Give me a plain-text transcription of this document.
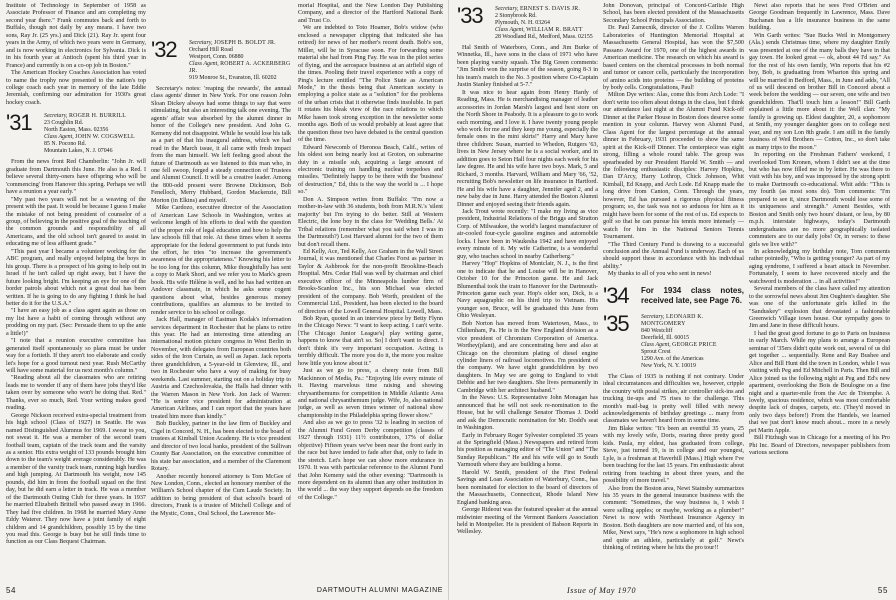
Institute of Technology in September of 1958 as Associate Professor of Finance and am completing my second year there." Frank commutes back and forth to Buffalo, though not daily by any means. I have two sons, Ray Jr. (25 yrs.) and Dick (21). Ray Jr. spent four years in the Army, of which two years were in Germany, and is now working in electronics for Sylvania. Dick is in his fourth year at Antioch (spent his third year in France) and currently is on a co-op job in Boston."

The American Hockey Coaches Association has voted to name the trophy now presented to the nation's top college coach each year in memory of the late Eddie Jeremiah, confirming our admiration for 1930's great hockey coach.

'31	Secretary, ROGER H. BURRILL
23 Coughlin Rd.
North Easton, Mass. 02356
Class Agent, JOHN W. COGSWELL
85 N. Pocono Rd.
Mountain Lakes, N. J. 07046

From the news front Red Chamberlin: "John Jr. will graduate from Dartmouth this June. He also is a Red. I believe several thirty-oners have offspring who will be 'commencing' from Hanover this spring. Perhaps we will have a reunion a year early."

"My past two years will not be a weaving of the present with the past. It would be because I guess I make the mistake of not being president of counselor of a group, of believing in the positive goal of the teaching of the common grounds and responsibility of all Americans, and the old school isn't geared to assist in educating me of less affluent grade."

"This past year I became a volunteer working for the ABC program, and really enjoyed helping the boys in his group. There is a prospect of his going to help out in Israel if he isn't called up right away, but I have the future looking bright. I'm keeping an eye for one of the border patrols about which not a great deal has been written. If he is going to do any fighting I think he had better do it for the U.S.A."

"I have an easy job as a class agent again as those on my list have a habit of coming through without any prodding on my part. (Sec: Persuade them to up the ante a little!)"

"I note that a reunion executive committee has generated itself spontaneously so plans must be under way for a fortieth. If they aren't too elaborate and costly let's hope for a good turnout next year. Rush McCarthy will have some material for us next month's column."

"Reading about all the classmates who are retiring leads me to wonder if any of them have jobs they'd like taken over by someone who won't be doing that. Red." Thanks, ever so much, Red. Your writing makes good reading.

George Nickson received extra-special treatment from his high school (Class of 1927) in Seattle. He was named Distinguished Alumnus for 1969. I swear to you, not sweat it. He was a member of the second team football team, captain of the track team and the varsity as a senior. His extra weight of 133 pounds brought him down to the team's weight average considerably. He was a member of the varsity track team, running high hurdles and high jumping. At Dartmouth his weight, now 145 pounds, did him in from the football squad on the first day, but he did earn a letter in track. He was a member of the Dartmouth Outing Club for three years. In 1937 he married Elizabeth Brittell who passed away in 1966. They had five children. In 1968 he married Mary Anne Eddy Waterer. They now have a joint family of eight children and 14 grandchildren, possibly 15 by the time you read this. George is busy but he still finds time to function as our Class Bequest Chairman.

'32	Secretary, JOSEPH B. BOLDT JR.
Orchard Hill Road
Westport, Conn. 06880
Class Agent, ROBERT A. ACKERBERG JR.
919 Monroe St., Evanston, Ill. 60202

Secretary's notes: 'reaping the rewards', the annual class agents' dinner in New York. For one reason John Sloan Dickey always had some things to say that were stimulating, but also an interesting talk one evening. The agents' affair was absorbed by the alumni dinner in honor of the College's new president. And John G. Kemeny did not disappoint. While he would lose his talk as a part of that his inaugural address, which we had read in the March issue, it all came with fresh impact from the man himself. We left feeling good about the future of Dartmouth as we listened to this man who, in one fell swoop, forged a steady connection of Trustees and Alumni Council. It will be a creative leader. Among the 800-odd present were Browne Dickinson, Bob Fenelloch, Merry Hubbard, Gordon Mackenzie, Bill Morton (in Elkins) and myself.

Mike Cardozo, executive director of the Association of American Law Schools in Washington, writes at welcome length of his efforts to deal with the question of the proper role of legal education and how to help the law schools fill that role. At these times when it seems appropriate for the federal government to put funds into the effort, he tries "to increase the government's awareness of the appropriateness." Knowing his letter to be too long for this column, Mike thoughtfully has sent a copy to Mark Short, and we refer you to Mark's green book. His wife Hélène is well, and he has had written an Andover classmate, in which he asks some cogent questions about what, besides generous money contributions, qualifies an alumnus to be invited to render service to his school or college.

Jack Hall, manager of Eastman Kodak's information services department in Rochester that he plans to retire this year. He had an interesting time attending an international motion picture congress in West Berlin in November, with delegates from European countries both sides of the Iron Curtain, as well as Japan. Jack reports three grandchildren, a 5-year-old in Glenview, Ill., and two in Rochester who have a way of making for busy weekends. Last summer, starting out on a holiday trip to Austria and Czechoslovakia, the Halls had dinner with the Warren Mason in New York. Jon Jack of Warren: "He is senior vice president for administration at American Airlines, and I can report that the years have treated him more than kindly."

Bob Buckley, partner in the law firm of Buckley and Cigel in Concord, N. H., has been elected to the board of trustees at Kimball Union Academy. He is vice president and director of two local banks, president of the Sullivan County Bar Association, on the executive committee of his state bar association, and a member of the Claremont Rotary.

Another recently honored attorney is Tom McGee of New London, Conn., elected an honorary member of the William's School chapter of the Cum Laude Society. In addition to being president of that school's board of directors, Frank is a trustee of Mitchell College and of the Mystic, Conn., Oral School, the Lawrence Me-

morial Hospital, and the New London Day Publishing Company, and a director of the Hartford National Bank and Trust Co.

We are indebted to Toto Hoamer, Bob's widow (who enclosed a newspaper clipping that indicated she has retired) for news of her mother's recent death. Bob's son, Miller, will be in Syracuse soon. For forwarding some material she had from Ping Fay. He was in the pilot series of flying, and the aerospace business at an airfield sign of the times. Pooling their travel experience with a copy of Ping's lecture entitled "The Police State as American Mode," in the thesis being that American society is employing a police state as a "solution" for the problems of the urban crisis that it otherwise finds insoluble. In part it rotates his bleak view of the race relations to which Mike hasen took strong exception in the newsletter some months ago. Both of us would probably at least agree that the question these two have debated is the central question of the time.

Edward Newcomb of Heronoa Beach, Calif., writes of his oldest son being nearly lost at Groton, on submarine duty in a missile sub, acquiring a large amount of electronic training on handling nuclear torpedoes and missiles. "Definitely happy to be there with the 'business' of destruction," Ed, this is the way the world is ... I hope so."

Don A. Simpson writes from Buffalo: "I'm now a mother-in-law with 36 students, both from M.R.N.'s 'silent majority' but I'm trying to do better. Still at Western Electric, the lone boy in the class for 'Wedding Bells.' At Tribal relations (remember what you said when I was in the Dartmouth?) Lost Harvard alumni for the two of them but don't recall them.

Ed Kelly, Ace, Ted Kelly, Ace Graham in the Wall Street Journal, it was mentioned that Charles Forst as partner in Taylor & Ashbrook for the non-profit Brookline-Beach Hospital. Mrs. Cedar Hall was well by chairman and chief executive officer of the Minneapolis lumber firm of Brooks-Scanlon Inc., his son Michael was elected president of the company. Bob Worth, president of the Commercial Ltd., President, has been elected to the board of directors of the Lowell General Hospital. Lowell, Mass.

Bob Ryan, quoted in an interview piece by Betty Flynn in the Chicago News: "I want to keep acting. I can't write. [The Chicago Junior League's] play writing game, happens to know that ain't so. So] I don't want to direct. I don't think it's very important occupation. Acting is terribly difficult. The more you do it, the more you realize how little you know about it."

Just as we go to press, a cheery note from Bill Mackinnon of Media, Pa.: "Enjoying life every minute of it. Having marvelous time raising and showing chrysanthemums for competition in Middle Atlantic Area and national chrysanthemum judge. Wife, Jo, also national judge, as well as seven times winner of national show championship in the Philadelphia spring flower show."

And also as we go to press '32 is leading in section of the Alumni Fund Green Derby competition (classes of 1927 through 1931) 11½ contributors, 17% of dollar objective) Fifteen years we've been near the front early in the race but have tended to fade after that, only to fade in the stretch. Let's hope we can show more endurance in 1970. It was with particular reference to the Alumni Fund that John Kemeny said the other evening: "Dartmouth is more dependent on its alumni than any other institution in the world ... the way they support depends on the freedom of the College."

54	DARTMOUTH ALUMNI MAGAZINE
'33	Secretary, ERNEST S. DAVIS JR.
2 Stonybrook Rd.
Plymouth, N. H. 03264
Class Agent, WILLIAM R. BRATT
28 Woodland Rd., Medford, Mass. 02155

Hal Smith of Waterboro, Conn., and Jim Burke of Winnetka, Ill., have sons in the class of 1971 who have been playing varsity squash. The Big Green comments: "Jim Smith won the surprise of the season, going 8-3 in his team's match to the No. 3 position where Co-Captain Justin Stanley finished at 5-7."

It was nice to hear again from Henry Hardy of Reading, Mass. He is merchandising manager of leather accessories in Jordan Marsh's largest and best store on the North Shore in Peabody. It is a pleasure to go to work each morning, and I love it. I have twenty young people who work for me and they keep me young, especially the female ones in the mini skirts!" Harry and Mary have three children: Susan, married to Whedon, Rutgers '63, lives in New Jersey where he is a social worker, and in addition goes to Seton Hall four nights each week for his law degree. He and his wife have two boys. Mark, 5 and Richard, 3 months. Harvard, William and Mary '66, '52, recruiting Bob's newsletter on life insurance in Hartford. He and his wife have a daughter, Jennifer aged 2, and a new baby due in June. Harry attended the Boston Alumni Dinner and enjoyed seeing their friends again.

Jack Trout wrote recently: "I make my living as vice president, Industrial Relations of the Briggs and Stratton Corp. of Milwaukee, the world's largest manufacturer of air-cooled four-cycle gasoline engines and automobile locks. I have been in Waukesha 1942 and have enjoyed every minute of it. My wife Catherine, is a wonderful guy, who teaches school in nearby Catherberg."

Harvey "Hop" Hopkins of Montclair, N. J., is the first one to indicate that he and Louise will be in Hanover, October 10 for the Princeton game. He and Jack Blumenthal took the train to Hanover for the Dartmouth-Princeton game each year. Hop's older son, Dick, is a Navy aquagraphic on his third trip to Vietnam. His younger son, Bruce, will be graduated this June from Ohio Wesleyan.

Bob Norton has moved from Watertown, Mass., to Chiltenham, Pa. He is in the New England division as a vice president of Chromium Corporation of America. Worthey(plant), and are concentrating here and also at Chicago on the chromium plating of diesel engine cylinder liners of railroad locomotives. I'm president of the company. We have eight grandchildren by two daughters. In May we are going to England to visit Debbie and her two daughters. She lives permanently in Cambridge with her architect husband."

In the News: U.S. Representative John Monagan has announced that he will not seek re-nomination to the House, but he will challenge Senator Thomas J. Dodd and ask the Democratic nomination for Mr. Dodd's seat in Washington.

Early in February Roger Sylvester completed 35 years at the Springfield (Mass.) Newspapers and retired from his position as managing editor of "The Union" and "The Sunday Republican." He and his wife will go to South Yarmouth where they are building a home.

Harold W. Smith, president of the First Federal Savings and Loan Association of Waterbury, Conn., has been nominated for election to the board of directors of the Massachusetts, Connecticut, Rhode Island New England banking area.

George Rideout was the featured speaker at the annual midwinter meeting of the Vermont Bankers Association held in Montpelier. He is president of Babson Reports in Wellesley.

John Donovan, principal of Concord-Carlisle High School, has been elected president of the Massachusetts Secondary School Principals Association.

Dr. Paul Zamecnik, director of the J. Collins Warren Laboratories of Huntington Memorial Hospital at Massachusetts General Hospital, has won the $7,500 Passano Award for 1970, one of the highest awards in American medicine. The research on which his award is based centers on the chemical processes in both normal and tumor or cancer cells, particularly the incorporation of amino acids into proteins — the building of proteins by body cells. Congratulations, Paul!

Milton Dye writes: Alas, come this from Arch Lode: "I don't write too often about doings in the class, but I think our attendance last night at the Alumni Fund Kick-off Dinner at the Parker House in Boston does deserve some mention in your column. Harvey won Alumni Fund, Class Agent for the largest percentage at the annual dinner in February, 1931 proceeded to show the same spirit at the Kick-off Dinner. The centerpiece was eight strong, filling a whole round table. The group was spearheaded by our President Harold W. Smith — and the following enthusiastic disciples: Harvey Hopkins, Dan D'Arcy, Harry Lothrop, Chick Johnson, Whit Kimball, Ed Knapp, and Arch Lode. Ed Knapp made the long drive from Canton, Conn. Through the years, however, Ed has pursued a rigorous physical fitness program; so, the task was not so arduous for him as it might have been for some of the rest of us. Ed expects to golf so that he can pursue his tennis more intensely — watch for him in the National Seniors Tennis Tournament.

"The Third Century Fund is drawing to a successful conclusion and the Annual Fund is underway. Each of us should support these in accordance with his individual ability."

My thanks to all of you who sent in news!

'34	For 1934 class notes, received late, see Page 76.
'35	Secretary, LEONARD K. MONTGOMERY
840 Westcliff
Deerfield, Ill. 60015
Class Agent, GEORGE PRICE
Sprout Crest
1290 Ave. of the Americas
New York, N. Y. 10019

The Class of 1935 is nothing if not contrary. Under ideal circumstances and difficulties we, however, cripple the country with postal strikes, air controller sick-ins and trucking tie-ups and 75 rises to the challenge. This month's mail-bag is pretty well filled with newsy acknowledgements of birthday greetings ... many from classmates we haven't heard from in some time.

Jim Blake writes: "It's been an eventful 35 years, 25 with my lovely wife, Doris, rearing three pretty good kids. Paula, my eldest, has graduated from college, Steve, just turned 19, is in college and our youngest, Lyle, is a freshman at Haverhill (Mass.) High where I've been teaching for the last 15 years. I'm enthusiastic about retiring from teaching in about three years, and the possibility of more travel."

Also from the Boston area, Newt Stainsby summarizes his 35 years in the general insurance business with the comment: "Sometimes, the way business is, I wish I were selling apples; or maybe, working as a plumber!" Newt is now with Northeast Insurance Agency in Boston. Both daughters are now married and, of his son, Mike, Newt says, "He's now a sophomore in high school and quite an athlete, particularly at golf." Newt's thinking of retiring where he hits the pro tour!!

Newt also reports that he sees Fred O'Brien and George Goodman frequently in Lawrence, Mass. Dave Buchanan has a life insurance business in the same building.

Win Garth writes: "Sue Bucks Weil in Montgomery (Ala.) sends Christmas time, where my daughter Emily was presented at one of the many balls they have in that gay town. He looked great — ok, about 44 I'd say." As for the rest of his own family, Win reports that his #2 boy, Bob, is graduating from Wharton this spring and will be married in Bedford, Mass., in June and adds, "All of us will descend on brother Bill in Concord about a week before the wedding — our seven, one wife and two grandchildren. That'll touch him a lesson!" Bill Garth explained a little more about it: the Well clan: "My family is growing up. Eldest daughter, 20, a sophomore at Smith, my younger daughter goes on to college next year, and my son Lon 8th grade. I am still in the family business of Weil Brothers — Cotton, Inc., so don't take as many trips to the moon."

In reporting on the Freshman Fathers' weekend, I overlooked Tom Kronen, whom I didn't see at the time but who has now filled me in by letter. He was there to visit with his boy, and was impressed by the strong spirit to make Dartmouth co-educational. Whit adds: "This is my fourth (as most sons do). Tom comments: "I'm prepared to see it, since Dartmouth would lose some of its uniqueness and strength." Ameni Besides, with Boston and Smith only two hours' distant, or less, by 80 m.p.h. interstate highways, today's Dartmouth undergraduates are no more geographically isolated commuters are to our daily jobs! Or, in verses: to these girls we live with?"

In acknowledging my birthday note, Tom comments rather pointedly, "Who is getting younger? As part of my aging syndrome, I suffered a heart attack in November. Fortunately, I seem to have recovered nicely and the watchword is moderation ... in all activities!"

Several members of the class have called my attention to the sorrowful news about Jim Oughten's daughter. She was one of the unfortunate girls killed in the "Sanduskey" explosion that devastated a fashionable Greenwich Village town house. Our sympathy goes to Jim and Jane in these difficult hours.

I had the great good fortune to go to Paris on business in early March. While my plans to arrange a European seminar of '35ers didn't quite work out, several of us did get together ... sequentially. Rene and Ray Bushee and Alice and Bill Hunt did the town in London, while I was visiting with Peg and Ed Mitchell in Paris. Then Bill and Alice joined us the following night at Peg and Ed's new apartment, overlooking the Bois de Boulogne on a fine night and a quarter-mile from the Arc de Triomphe. A lovely, spacious residence, which was most comfortable despite lack of drapes, carpets, etc. (They'd moved in only two days before!) From the Handels, we learned that we just don't know much about... more in a newly pet Marin Apple.

Bill Fitzhugh was in Chicago for a meeting of his Pro Phi Inc. Board of Directors, newspaper publishers from various sections

Issue of May 1970	55
